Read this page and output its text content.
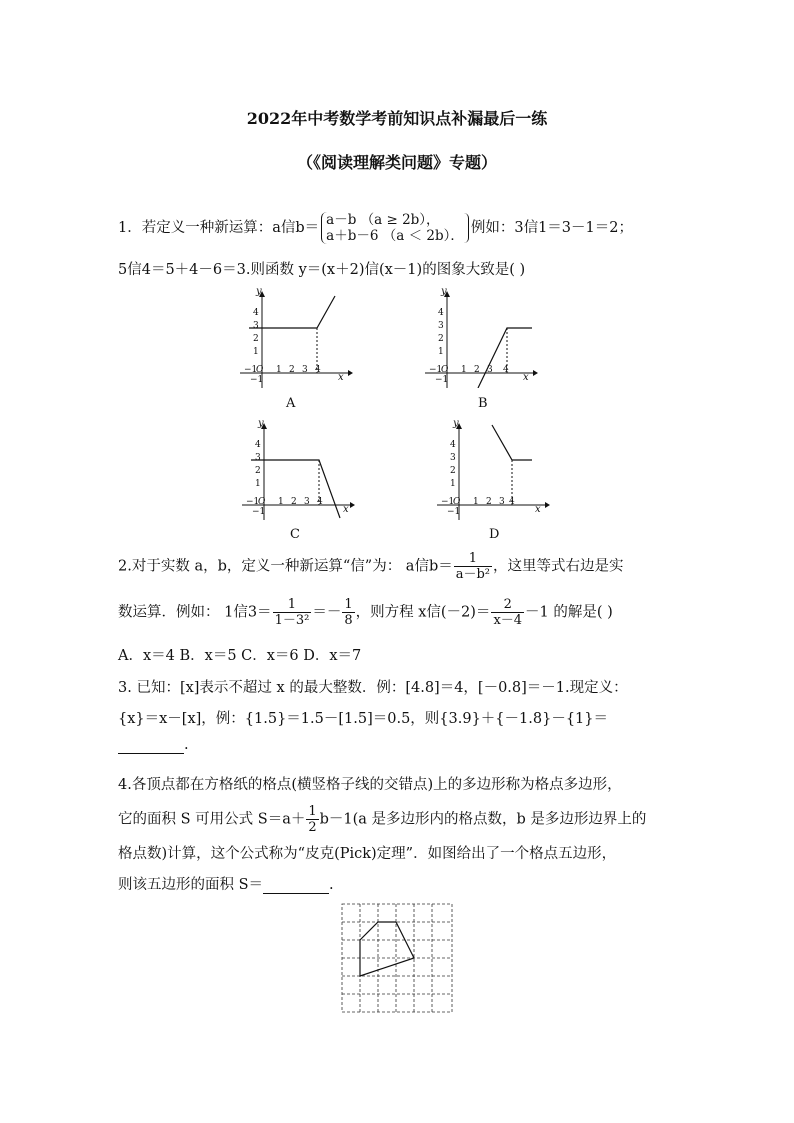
2022年中考数学考前知识点补漏最后一练
（《阅读理解类问题》专题）
1．若定义一种新运算：a信b＝ a－b （a ≥ 2b），
a＋b－6 （a ＜ 2b）． 例如：3信1＝3－1＝2；
5信4＝5＋4－6＝3.则函数 y＝(x＋2)信(x－1)的图象大致是( )
A	B
C	D
2.对于实数 a，b，定义一种新运算“信”为： a信$b= \frac{1}{\text{a－b²}}$ ，这里等式右边是实
数运算．例如： 1信$3= \frac{1}{\text{1－3²}} =- \frac{1}{8}$ ，则方程 x信$(-2)= \frac{2}{x-4} -1$ 的解是( )
A．x＝4 B．x＝5 C．x＝6 D．x＝7
3. 已知：[x]表示不超过 x 的最大整数．例：[4.8]＝4，[－0.8]＝－1.现定义：
{x}＝x－[x]，例：{1.5}＝1.5－[1.5]＝0.5，则{3.9}＋{－1.8}－{1}＝
.
4.各顶点都在方格纸的格点(横竖格子线的交错点)上的多边形称为格点多边形，
它的面积 S 可用公式 $S=a+ \frac{1}{2} b-1(a$ 是多边形内的格点数，b 是多边形边界上的
格点数)计算，这个公式称为“皮克(Pick)定理”．如图给出了一个格点五边形，
则该五边形的面积 S＝	.
y
x
4
3
2
1
−1
−1
O 1 2 3 4
y
x
4
3
2
1
−1
−1
O 1 2 3 4
y
x
4
3
2
1
−1
−1
O 1 2 3 4
y
x
4
3
2
1
−1
−1
O 1 2 3 4
